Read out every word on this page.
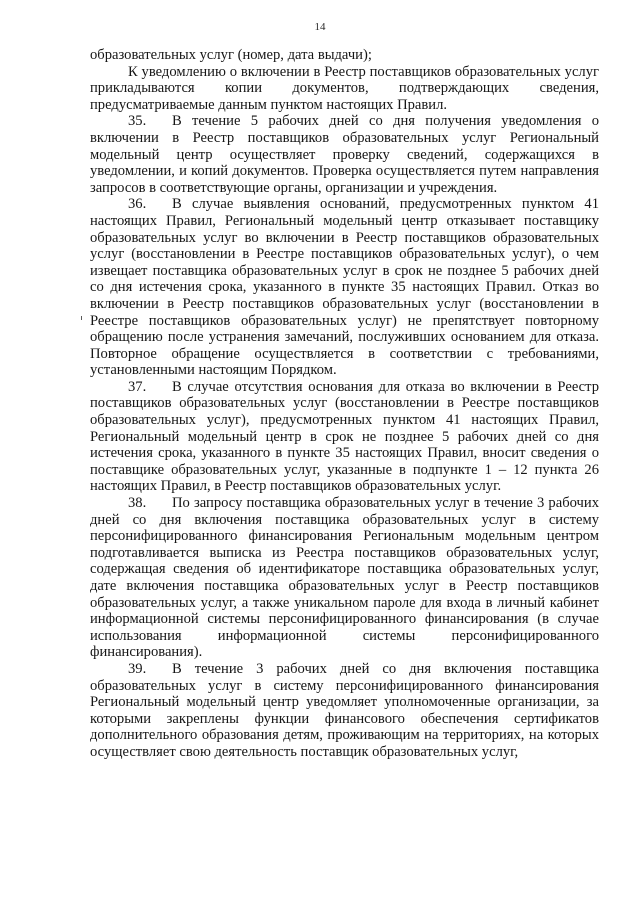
14

образовательных услуг (номер, дата выдачи);

К уведомлению о включении в Реестр поставщиков образовательных услуг прикладываются копии документов, подтверждающих сведения, предусматриваемые данным пунктом настоящих Правил.

35. В течение 5 рабочих дней со дня получения уведомления о включении в Реестр поставщиков образовательных услуг Региональный модельный центр осуществляет проверку сведений, содержащихся в уведомлении, и копий документов. Проверка осуществляется путем направления запросов в соответствующие органы, организации и учреждения.

36. В случае выявления оснований, предусмотренных пунктом 41 настоящих Правил, Региональный модельный центр отказывает поставщику образовательных услуг во включении в Реестр поставщиков образовательных услуг (восстановлении в Реестре поставщиков образовательных услуг), о чем извещает поставщика образовательных услуг в срок не позднее 5 рабочих дней со дня истечения срока, указанного в пункте 35 настоящих Правил. Отказ во включении в Реестр поставщиков образовательных услуг (восстановлении в Реестре поставщиков образовательных услуг) не препятствует повторному обращению после устранения замечаний, послуживших основанием для отказа. Повторное обращение осуществляется в соответствии с требованиями, установленными настоящим Порядком.

37. В случае отсутствия основания для отказа во включении в Реестр поставщиков образовательных услуг (восстановлении в Реестре поставщиков образовательных услуг), предусмотренных пунктом 41 настоящих Правил, Региональный модельный центр в срок не позднее 5 рабочих дней со дня истечения срока, указанного в пункте 35 настоящих Правил, вносит сведения о поставщике образовательных услуг, указанные в подпункте 1 – 12 пункта 26 настоящих Правил, в Реестр поставщиков образовательных услуг.

38. По запросу поставщика образовательных услуг в течение 3 рабочих дней со дня включения поставщика образовательных услуг в систему персонифицированного финансирования Региональным модельным центром подготавливается выписка из Реестра поставщиков образовательных услуг, содержащая сведения об идентификаторе поставщика образовательных услуг, дате включения поставщика образовательных услуг в Реестр поставщиков образовательных услуг, а также уникальном пароле для входа в личный кабинет информационной системы персонифицированного финансирования (в случае использования информационной системы персонифицированного финансирования).

39. В течение 3 рабочих дней со дня включения поставщика образовательных услуг в систему персонифицированного финансирования Региональный модельный центр уведомляет уполномоченные организации, за которыми закреплены функции финансового обеспечения сертификатов дополнительного образования детям, проживающим на территориях, на которых осуществляет свою деятельность поставщик образовательных услуг,
